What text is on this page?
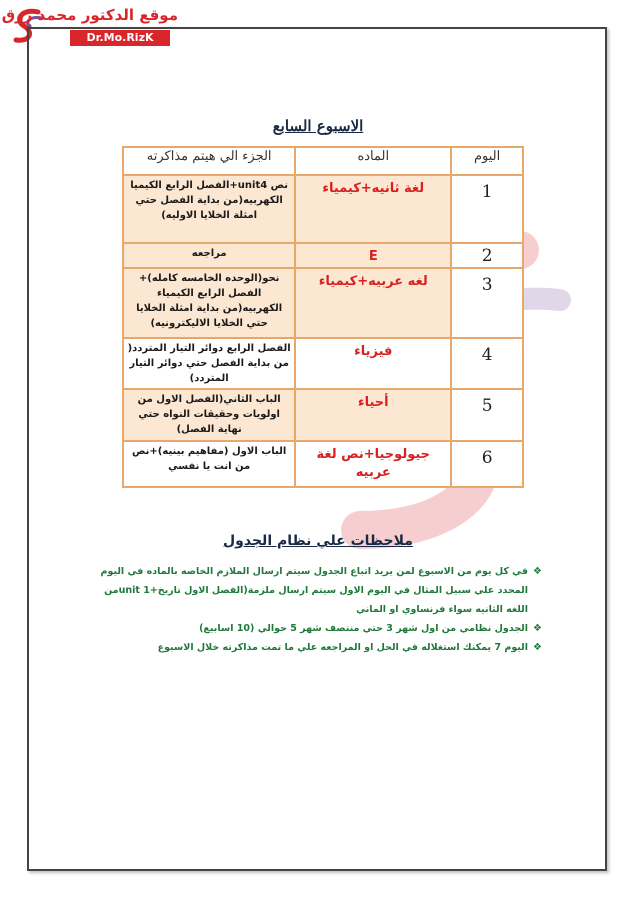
موقع الدكتور محمد رزق
Dr.Mo.RizK
الاسبوع السابع
اليوم	الماده	الجزء الي هيتم مذاكرته
1	لغة ثانيه+كيمياء	نص unit4+الفصل الرابع الكيميا الكهربيه(من بداية الفصل حتي امثلة الخلايا الاوليه)
2	E	مراجعه
3	لغه عربيه+كيمياء	نحو(الوحده الخامسه كامله)+ الفصل الرابع الكيمياء الكهربيه(من بداية امثلة الخلايا حتي الخلايا الاليكترونيه)
4	فيزياء	الفصل الرابع دوائر التيار المتردد( من بداية الفصل حتي دوائر التيار المتردد)
5	أحياء	الباب الثاني(الفصل الاول من اولويات وحقيقات النواه حتي نهاية الفصل)
6	جيولوجيا+نص لغة عربيه	الباب الاول (مفاهيم بينيه)+نص من انت يا نفسي
ملاحظات علي نظام الجدول
❖
في كل يوم من الاسبوع لمن يريد اتباع الجدول سيتم ارسال الملازم الخاصه بالماده في اليوم المحدد علي سبيل المثال في اليوم الاول سيتم ارسال ملزمة(الفصل الاول تاريخ+unit 1من اللغه الثانيه سواء فرنساوي او الماني
❖
الجدول نظامي من اول شهر 3 حتي منتصف شهر 5 حوالي (10 اسابيع)
❖
اليوم 7 يمكنك استغلاله في الحل او المراجعه علي ما تمت مذاكرته خلال الاسبوع
